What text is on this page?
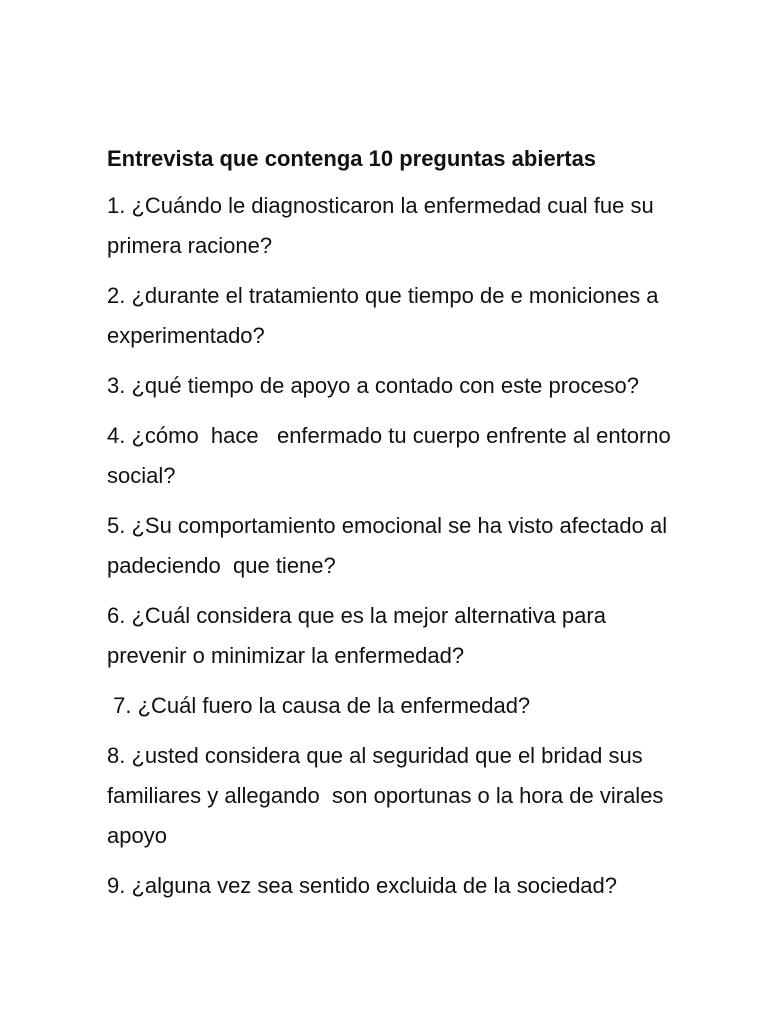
Entrevista que contenga 10 preguntas abiertas

1. ¿Cuándo le diagnosticaron la enfermedad cual fue su primera racione?

2. ¿durante el tratamiento que tiempo de e moniciones a experimentado?

3. ¿qué tiempo de apoyo a contado con este proceso?

4. ¿cómo  hace   enfermado tu cuerpo enfrente al entorno social?

5. ¿Su comportamiento emocional se ha visto afectado al padeciendo  que tiene?

6. ¿Cuál considera que es la mejor alternativa para prevenir o minimizar la enfermedad?

7. ¿Cuál fuero la causa de la enfermedad?

8. ¿usted considera que al seguridad que el bridad sus familiares y allegando  son oportunas o la hora de virales apoyo

9. ¿alguna vez sea sentido excluida de la sociedad?
